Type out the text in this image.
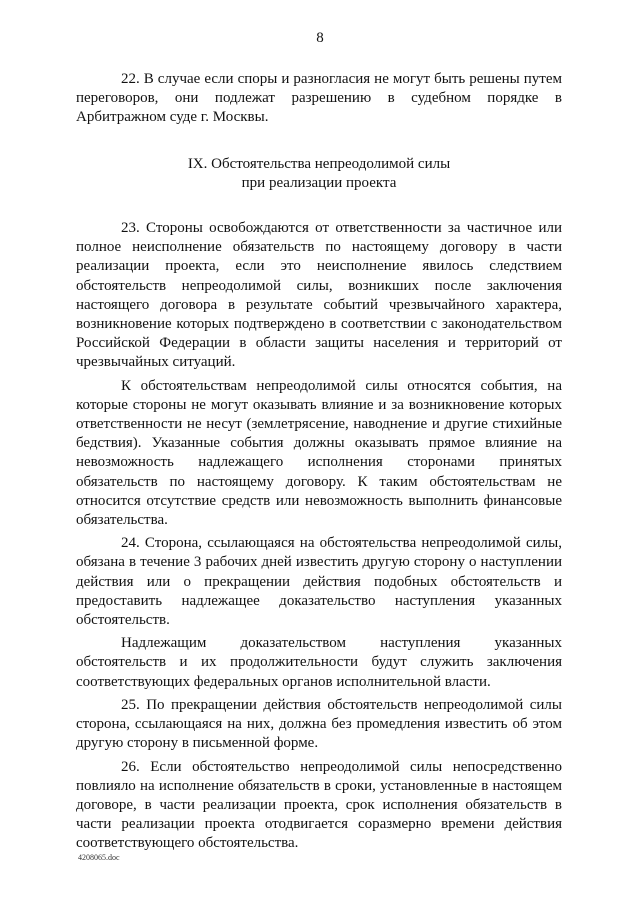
8

22. В случае если споры и разногласия не могут быть решены путем переговоров, они подлежат разрешению в судебном порядке в Арбитражном суде г. Москвы.

IX. Обстоятельства непреодолимой силы
при реализации проекта

23. Стороны освобождаются от ответственности за частичное или полное неисполнение обязательств по настоящему договору в части реализации проекта, если это неисполнение явилось следствием обстоятельств непреодолимой силы, возникших после заключения настоящего договора в результате событий чрезвычайного характера, возникновение которых подтверждено в соответствии с законодательством Российской Федерации в области защиты населения и территорий от чрезвычайных ситуаций.

К обстоятельствам непреодолимой силы относятся события, на которые стороны не могут оказывать влияние и за возникновение которых ответственности не несут (землетрясение, наводнение и другие стихийные бедствия). Указанные события должны оказывать прямое влияние на невозможность надлежащего исполнения сторонами принятых обязательств по настоящему договору. К таким обстоятельствам не относится отсутствие средств или невозможность выполнить финансовые обязательства.

24. Сторона, ссылающаяся на обстоятельства непреодолимой силы, обязана в течение 3 рабочих дней известить другую сторону о наступлении действия или о прекращении действия подобных обстоятельств и предоставить надлежащее доказательство наступления указанных обстоятельств.

Надлежащим доказательством наступления указанных обстоятельств и их продолжительности будут служить заключения соответствующих федеральных органов исполнительной власти.

25. По прекращении действия обстоятельств непреодолимой силы сторона, ссылающаяся на них, должна без промедления известить об этом другую сторону в письменной форме.

26. Если обстоятельство непреодолимой силы непосредственно повлияло на исполнение обязательств в сроки, установленные в настоящем договоре, в части реализации проекта, срок исполнения обязательств в части реализации проекта отодвигается соразмерно времени действия соответствующего обстоятельства.

4208065.doc
